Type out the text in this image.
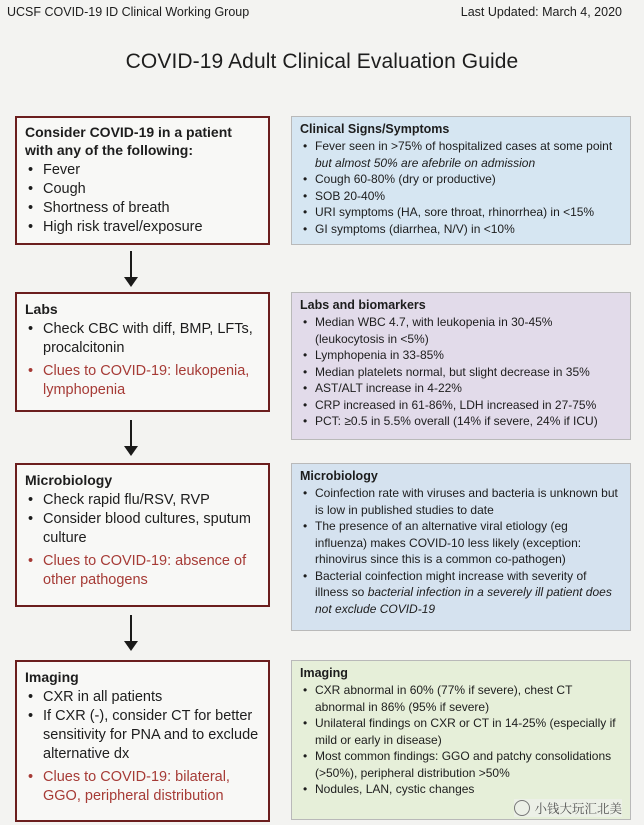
UCSF COVID-19 ID Clinical Working Group	Last Updated: March 4, 2020
COVID-19 Adult Clinical Evaluation Guide

Consider COVID-19 in a patient with any of the following:

• Fever
• Cough
• Shortness of breath
• High risk travel/exposure

Labs

• Check CBC with diff, BMP, LFTs, procalcitonin
• Clues to COVID-19: leukopenia, lymphopenia

Microbiology

• Check rapid flu/RSV, RVP
• Consider blood cultures, sputum culture
• Clues to COVID-19: absence of other pathogens

Imaging

• CXR in all patients
• If CXR (-), consider CT for better sensitivity for PNA and to exclude alternative dx
• Clues to COVID-19: bilateral, GGO, peripheral distribution

Clinical Signs/Symptoms

• Fever seen in >75% of hospitalized cases at some point but almost 50% are afebrile on admission
• Cough 60-80% (dry or productive)
• SOB 20-40%
• URI symptoms (HA, sore throat, rhinorrhea) in <15%
• GI symptoms (diarrhea, N/V) in <10%

Labs and biomarkers

• Median WBC 4.7, with leukopenia in 30-45% (leukocytosis in <5%)
• Lymphopenia in 33-85%
• Median platelets normal, but slight decrease in 35%
• AST/ALT increase in 4-22%
• CRP increased in 61-86%, LDH increased in 27-75%
• PCT: ≥0.5 in 5.5% overall (14% if severe, 24% if ICU)

Microbiology

• Coinfection rate with viruses and bacteria is unknown but is low in published studies to date
• The presence of an alternative viral etiology (eg influenza) makes COVID-10 less likely (exception: rhinovirus since this is a common co-pathogen)
• Bacterial coinfection might increase with severity of illness so bacterial infection in a severely ill patient does not exclude COVID-19

Imaging

• CXR abnormal in 60% (77% if severe), chest CT abnormal in 86% (95% if severe)
• Unilateral findings on CXR or CT in 14-25% (especially if mild or early in disease)
• Most common findings: GGO and patchy consolidations (>50%), peripheral distribution >50%
• Nodules, LAN, cystic changes
小钱大玩汇北美
